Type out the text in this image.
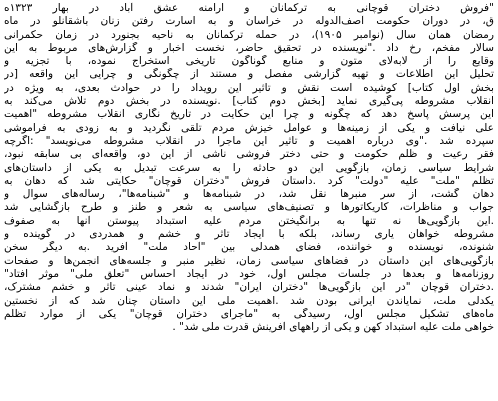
"فروش دختران قوچانی به ترکمانان و ارامنه عشق آباد در بهار ۱۳۲۳ه
ق، در دوران حکومت آصف‌الدوله در خراسان و به اسارت رفتن زنان باشقانلو در ماه
رمضان همان سال (نوامبر ۱۹۰۵)، در حمله ترکمانان به ناحیه بجنورد در زمان حکمرانی
سالار مفخم، رخ داد ."نویسنده در تحقیق حاضر، نخست اخبار و گزارش‌های مربوط به این
وقایع را از لابه‌لای متون و منابع گوناگون تاریخی استخراج نموده، با تجزیه و
تحلیل این اطلاعات و تهیه گزارشی مفصل و مستند از چگونگی و چرایی این واقعه [در
بخش اول کتاب] کوشیده است نقش و تاثیر این رویداد را در حوادث بعدی، به ویژه در
انقلاب مشروطه پی‌گیری نماید [بخش دوم کتاب] .نویسنده در بخش دوم تلاش می‌کند به
این پرسش پاسخ دهد که چگونه و چرا این حکایت در تاریخ نگاری انقلاب مشروطه "اهمیت
علی نیافت و یکی از زمینه‌ها و عوامل خیزش مردم تلقی نگردید و به زودی به فراموشی
سپرده شد ."وی درباره اهمیت و تاثیر این ماجرا در انقلاب مشروطه می‌نویسد" :اگرچه
فقر رعیت و ظلم حکومت و حتی دختر فروشی ناشی از این دو، واقعه‌ای بی سابقه نبود،
شرایط سیاسی زمان، بازگویی این دو حادثه را به سرعت تبدیل به یکی از داستان‌های
تظلم "ملت" علیه "دولت" کرد .داستان فروش "دختران قوچان" حکایتی شد که دهان به
دهان گشت، از سر منبرها نقل شد، در شبنامه‌ها و "شبنامه‌ها"، رساله‌های سوال و
جواب و مناظرات، کاریکاتورها و تصنیف‌های سیاسی به شعر و طنز و طرح بازگشایی شد
.این بازگویی‌ها نه تنها به برانگیختن مردم علیه استبداد پیوستن آنها به صفوف
مشروطه خواهان یاری رساند، بلکه با ایجاد تاثر و خشم و همدردی در گوینده و
شنونده، نویسنده و خواننده، فضای همدلی بین "آحاد ملت" آفرید .به دیگر سخن
بازگویی‌های این داستان در فضاهای سیاسی زمان، نظیر منبر و جلسه‌های انجمن‌ها و صفحات
روزنامه‌ها و بعدها در جلسات مجلس اول، خود در ایجاد احساس "تعلق ملی" موثر افتاد"
.دختران قوچان "در این بازگویی‌ها "دختران ایران" شدند و نماد عینی تاثر و خشم مشترک،
یکدلی ملت، نمایاندن ایرانی بودن شد .اهمیت ملی این داستان چنان شد که از نخستین
ماه‌های تشکیل مجلس اول، رسیدگی به "ماجرای دختران قوچان" یکی از موارد تظلم
خواهی ملت علیه استبداد کهن و یکی از راههای آفرینش قدرت ملی شد" .
